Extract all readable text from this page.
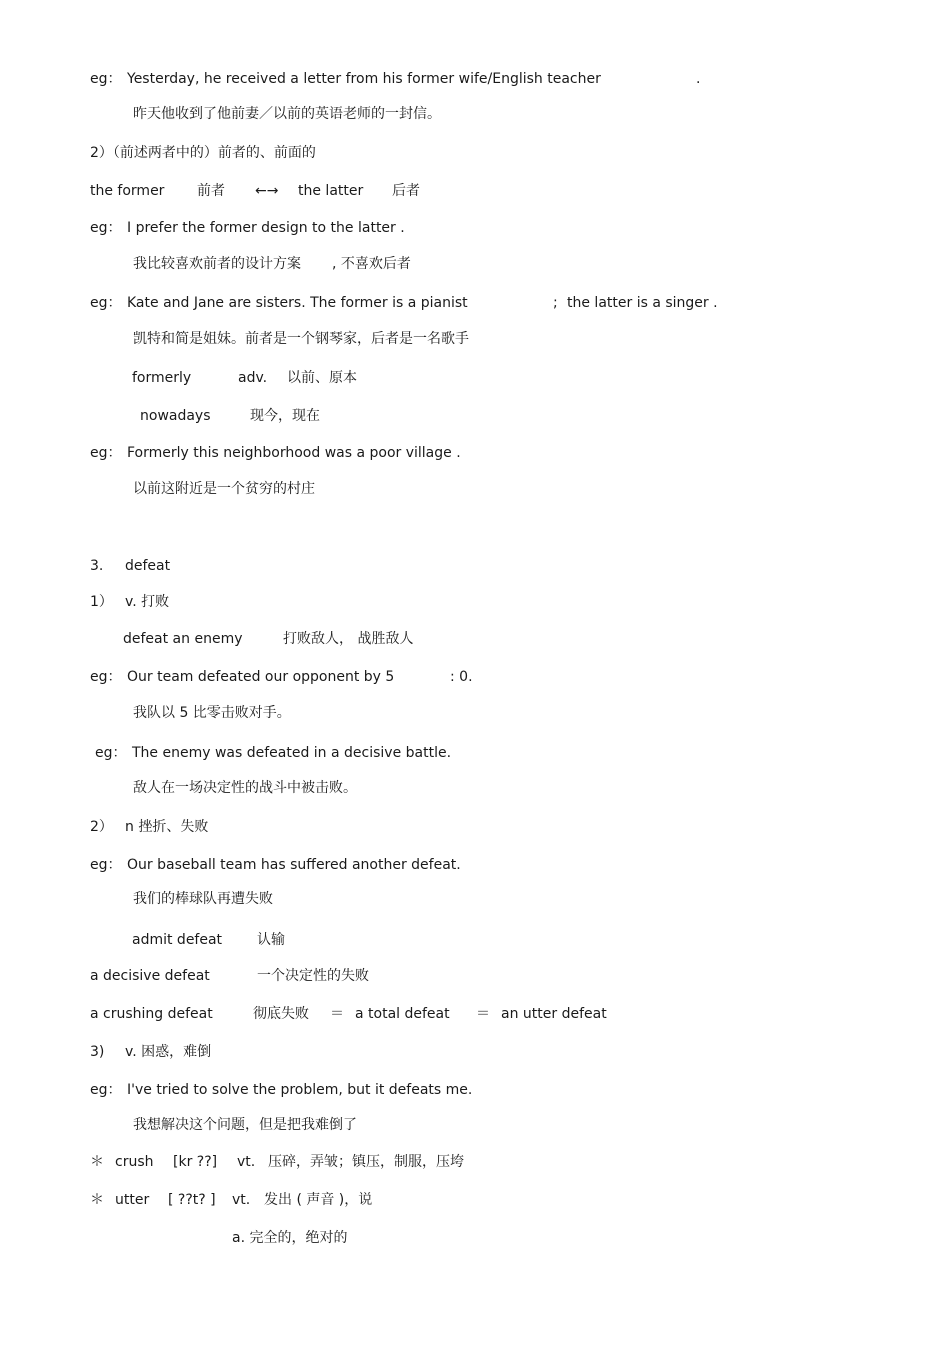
eg： Yesterday, he received a letter from his former wife/English teacher	.
昨天他收到了他前妻／以前的英语老师的一封信。
2）（前述两者中的）前者的、前面的
the former 前者 ←→ the latter 后者
eg： I prefer the former design to the latter .
我比较喜欢前者的设计方案 , 不喜欢后者
eg： Kate and Jane are sisters. The former is a pianist	; the latter is a singer .
凯特和简是姐妹。前者是一个钢琴家，后者是一名歌手
formerly	adv. 以前、原本
nowadays	现今，现在
eg： Formerly this neighborhood was a poor village .
以前这附近是一个贫穷的村庄
3. defeat
1） v. 打败
defeat an enemy	打败敌人， 战胜敌人
eg： Our team defeated our opponent by 5	: 0.
我队以 5 比零击败对手。
eg： The enemy was defeated in a decisive battle.
敌人在一场决定性的战斗中被击败。
2） n 挫折、失败
eg： Our baseball team has suffered another defeat.
我们的棒球队再遭失败
admit defeat 认输
a decisive defeat	一个决定性的失败
a crushing defeat	彻底失败 ＝ a total defeat ＝ an utter defeat
3) v. 困惑，难倒
eg： I've tried to solve the problem, but it defeats me.
我想解决这个问题，但是把我难倒了
＊ crush [kr ??] vt. 压碎，弄皱；镇压，制服，压垮
＊ utter [ ??t? ] vt. 发出 ( 声音 )，说
a. 完全的，绝对的
